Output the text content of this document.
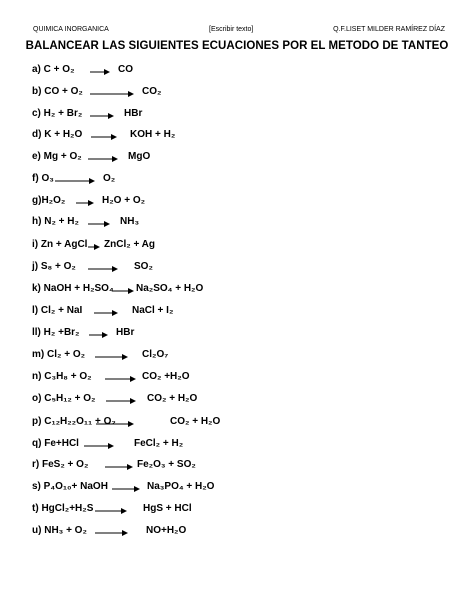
QUIMICA INORGANICA	[Escribir texto]	Q.F.LISET MILDER RAMÍREZ DÍAZ
BALANCEAR LAS SIGUIENTES ECUACIONES POR EL METODO DE TANTEO
a) C + O₂ → CO
b) CO + O₂	CO₂
c) H₂ + Br₂ → HBr
d) K + H₂O → KOH + H₂
e) Mg + O₂ → MgO
f) O₃ → O₂
g)H₂O₂ → H₂O + O₂
h) N₂ + H₂ → NH₃
i) Zn + AgCl → ZnCl₂ + Ag
j) S₈ + O₂ → SO₂
k) NaOH + H₂SO₄ → Na₂SO₄ + H₂O
l) Cl₂ + NaI → NaCl + I₂
ll) H₂ +Br₂ → HBr
m) Cl₂ + O₂ → Cl₂O₇
n) C₃H₈ + O₂ → CO₂ +H₂O
o) C₅H₁₂ + O₂ → CO₂ + H₂O
p) C₁₂H₂₂O₁₁ + O₂	CO₂ + H₂O
q) Fe+HCl → FeCl₂ + H₂
r) FeS₂ + O₂ → Fe₂O₃ + SO₂
s) P₄O₁₀+ NaOH → Na₃PO₄ + H₂O
t) HgCl₂+H₂S → HgS + HCl
u) NH₃ + O₂ → NO+H₂O
